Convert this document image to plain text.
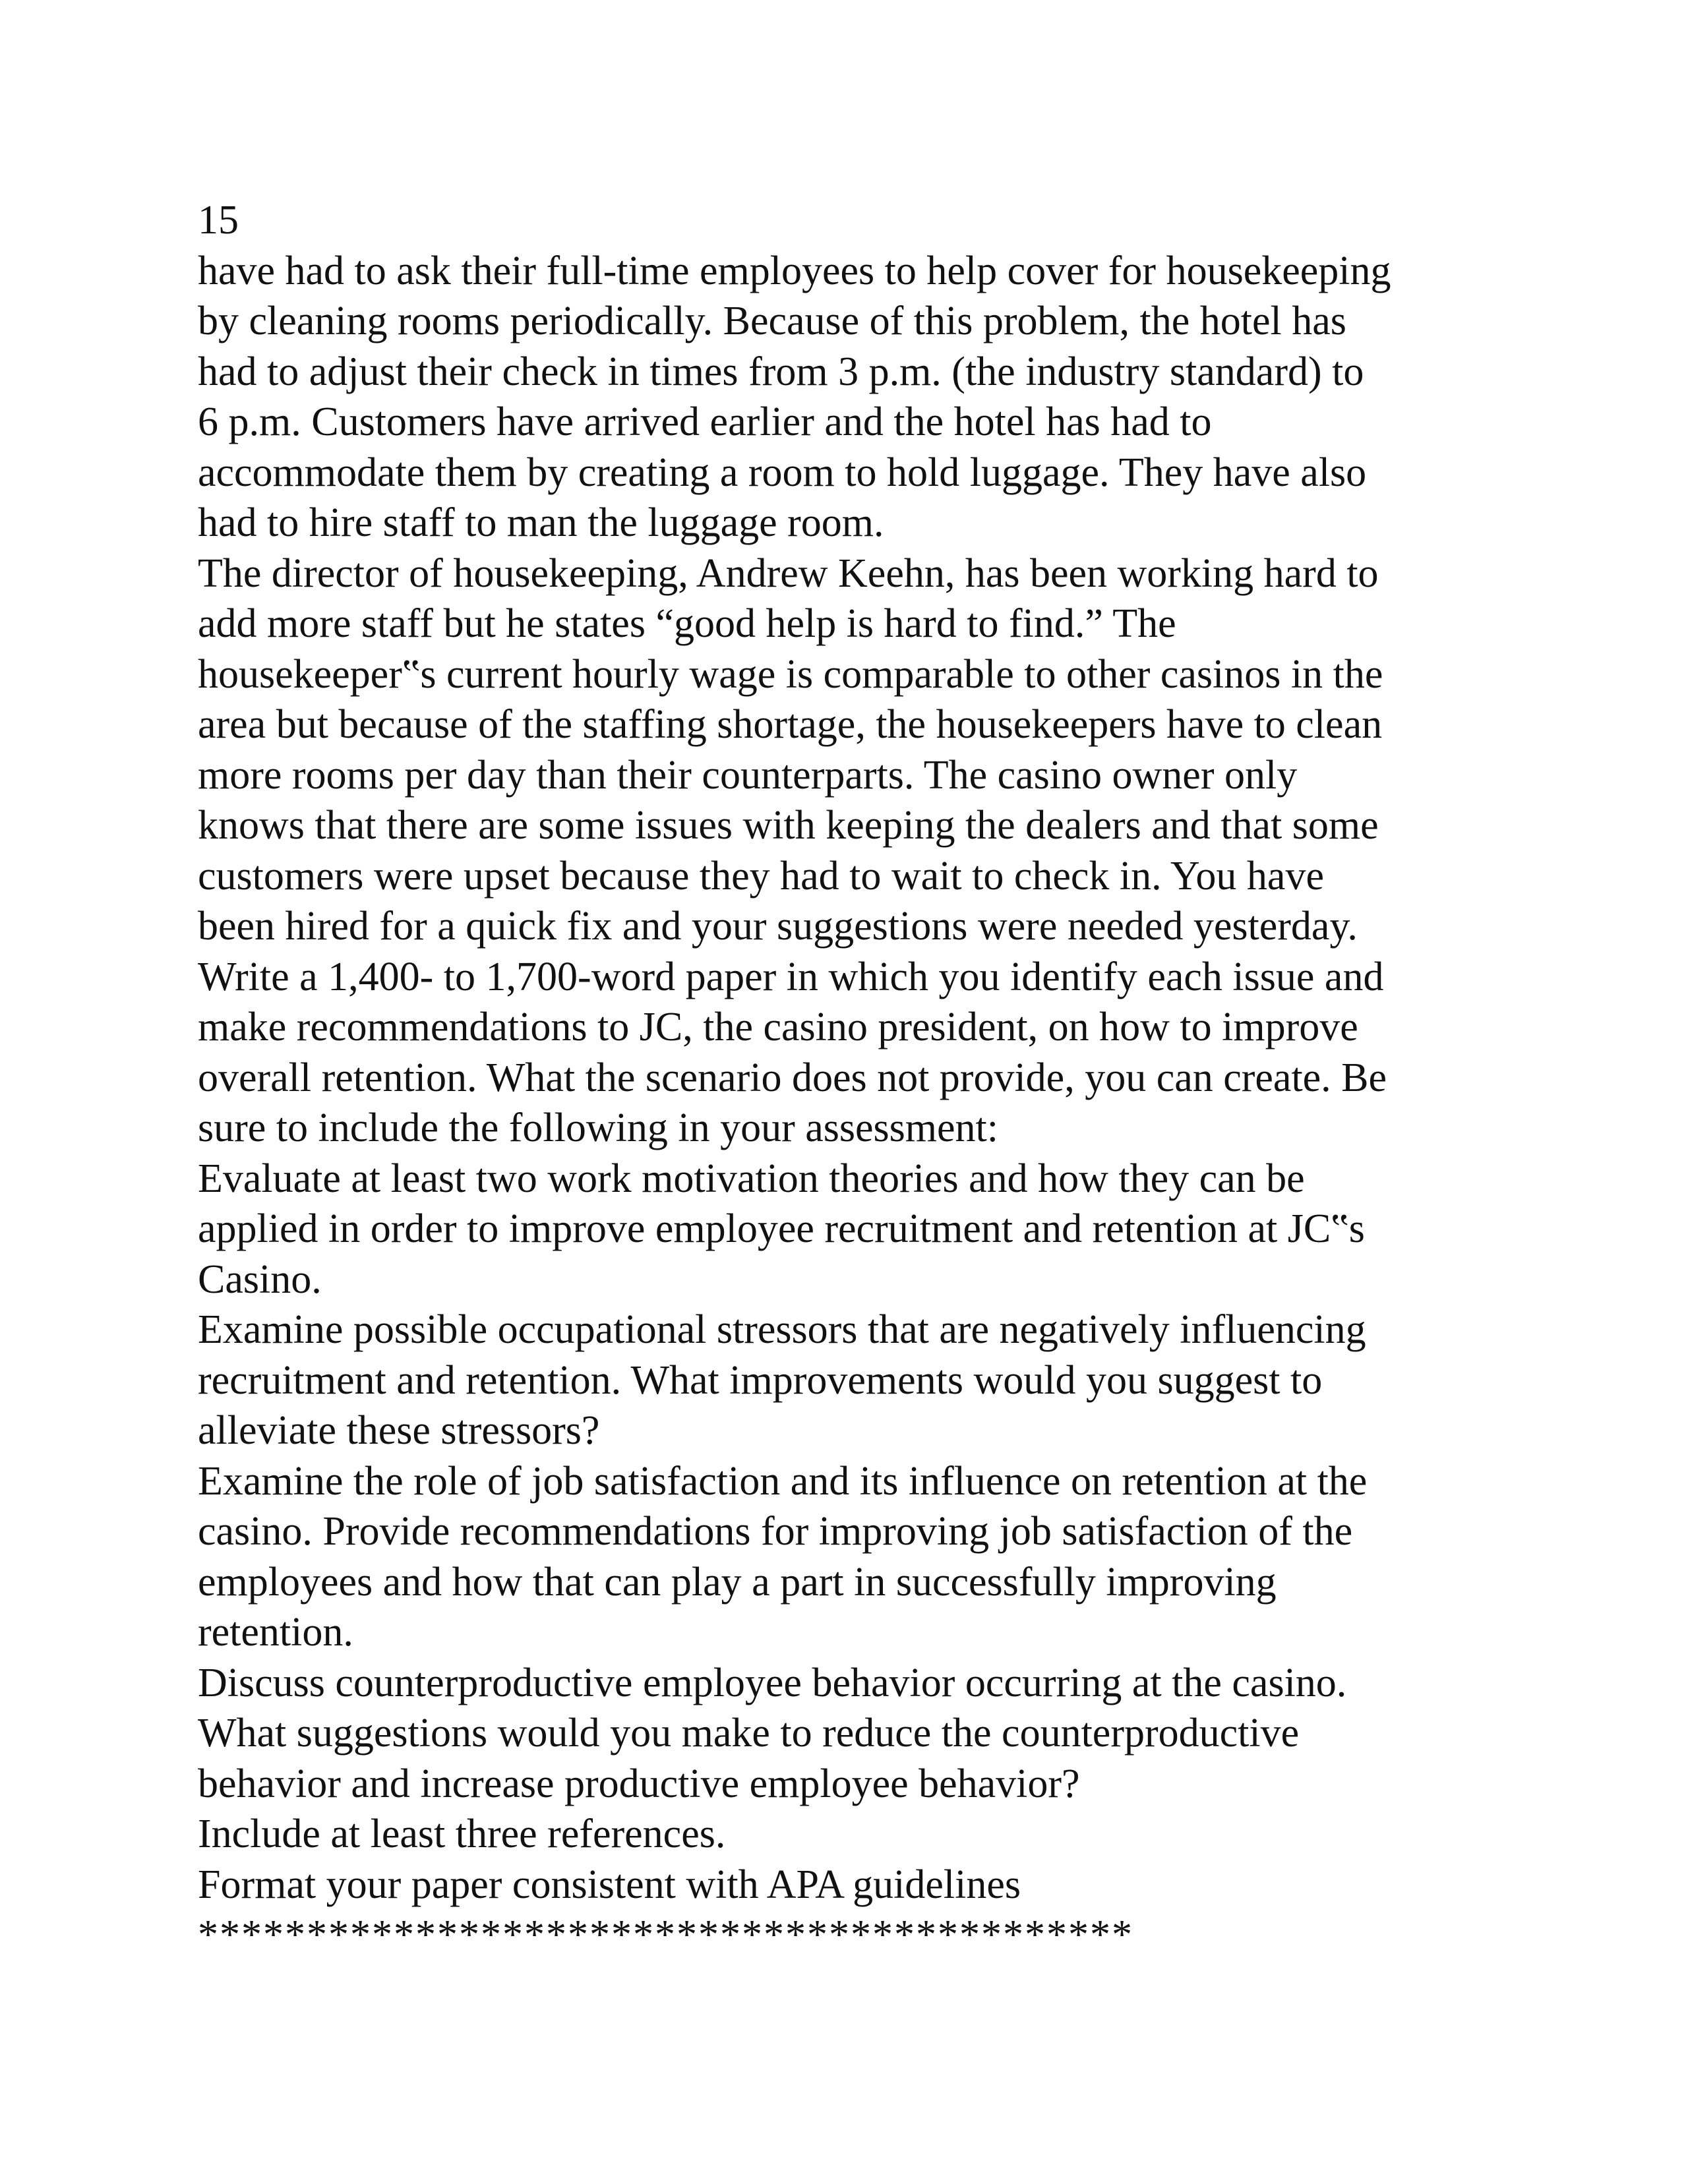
15
have had to ask their full-time employees to help cover for housekeeping
by cleaning rooms periodically. Because of this problem, the hotel has
had to adjust their check in times from 3 p.m. (the industry standard) to
6 p.m. Customers have arrived earlier and the hotel has had to
accommodate them by creating a room to hold luggage. They have also
had to hire staff to man the luggage room.
The director of housekeeping, Andrew Keehn, has been working hard to
add more staff but he states “good help is hard to find.” The
housekeeper‟s current hourly wage is comparable to other casinos in the
area but because of the staffing shortage, the housekeepers have to clean
more rooms per day than their counterparts. The casino owner only
knows that there are some issues with keeping the dealers and that some
customers were upset because they had to wait to check in. You have
been hired for a quick fix and your suggestions were needed yesterday.
Write a 1,400- to 1,700-word paper in which you identify each issue and
make recommendations to JC, the casino president, on how to improve
overall retention. What the scenario does not provide, you can create. Be
sure to include the following in your assessment:
Evaluate at least two work motivation theories and how they can be
applied in order to improve employee recruitment and retention at JC‟s
Casino.
Examine possible occupational stressors that are negatively influencing
recruitment and retention. What improvements would you suggest to
alleviate these stressors?
Examine the role of job satisfaction and its influence on retention at the
casino. Provide recommendations for improving job satisfaction of the
employees and how that can play a part in successfully improving
retention.
Discuss counterproductive employee behavior occurring at the casino.
What suggestions would you make to reduce the counterproductive
behavior and increase productive employee behavior?
Include at least three references.
Format your paper consistent with APA guidelines
*******************************************
